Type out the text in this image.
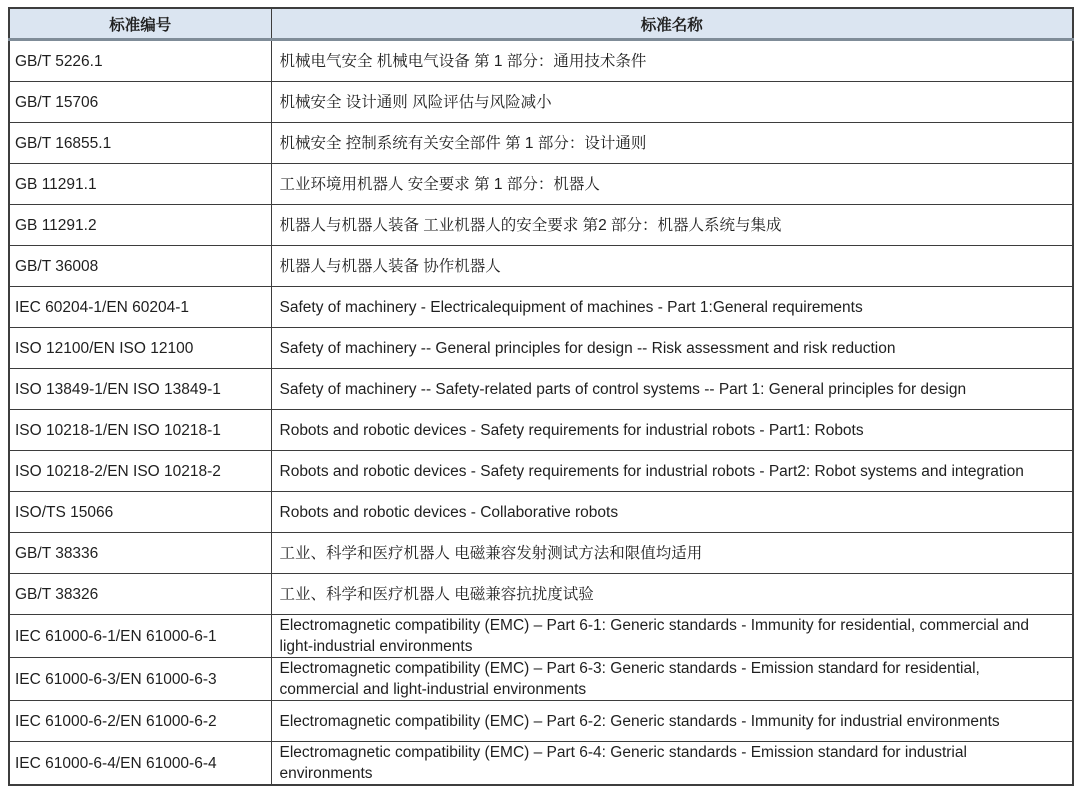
标准编号	标准名称
GB/T 5226.1	机械电气安全 机械电气设备 第 1 部分：通用技术条件
GB/T 15706	机械安全 设计通则 风险评估与风险减小
GB/T 16855.1	机械安全 控制系统有关安全部件 第 1 部分：设计通则
GB 11291.1	工业环境用机器人 安全要求 第 1 部分：机器人
GB 11291.2	机器人与机器人装备 工业机器人的安全要求 第2 部分：机器人系统与集成
GB/T 36008	机器人与机器人装备 协作机器人
IEC 60204-1/EN 60204-1	Safety of machinery - Electricalequipment of machines - Part 1:General requirements
ISO 12100/EN ISO 12100	Safety of machinery -- General principles for design -- Risk assessment and risk reduction
ISO 13849-1/EN ISO 13849-1	Safety of machinery -- Safety-related parts of control systems -- Part 1: General principles for design
ISO 10218-1/EN ISO 10218-1	Robots and robotic devices - Safety requirements for industrial robots - Part1: Robots
ISO 10218-2/EN ISO 10218-2	Robots and robotic devices - Safety requirements for industrial robots - Part2: Robot systems and integration
ISO/TS 15066	Robots and robotic devices - Collaborative robots
GB/T 38336	工业、科学和医疗机器人 电磁兼容发射测试方法和限值均适用
GB/T 38326	工业、科学和医疗机器人 电磁兼容抗扰度试验
IEC 61000-6-1/EN 61000-6-1	Electromagnetic compatibility (EMC) – Part 6-1: Generic standards - Immunity for residential, commercial and light-industrial environments
IEC 61000-6-3/EN 61000-6-3	Electromagnetic compatibility (EMC) – Part 6-3: Generic standards - Emission standard for residential, commercial and light-industrial environments
IEC 61000-6-2/EN 61000-6-2	Electromagnetic compatibility (EMC) – Part 6-2: Generic standards - Immunity for industrial environments
IEC 61000-6-4/EN 61000-6-4	Electromagnetic compatibility (EMC) – Part 6-4: Generic standards - Emission standard for industrial environments
